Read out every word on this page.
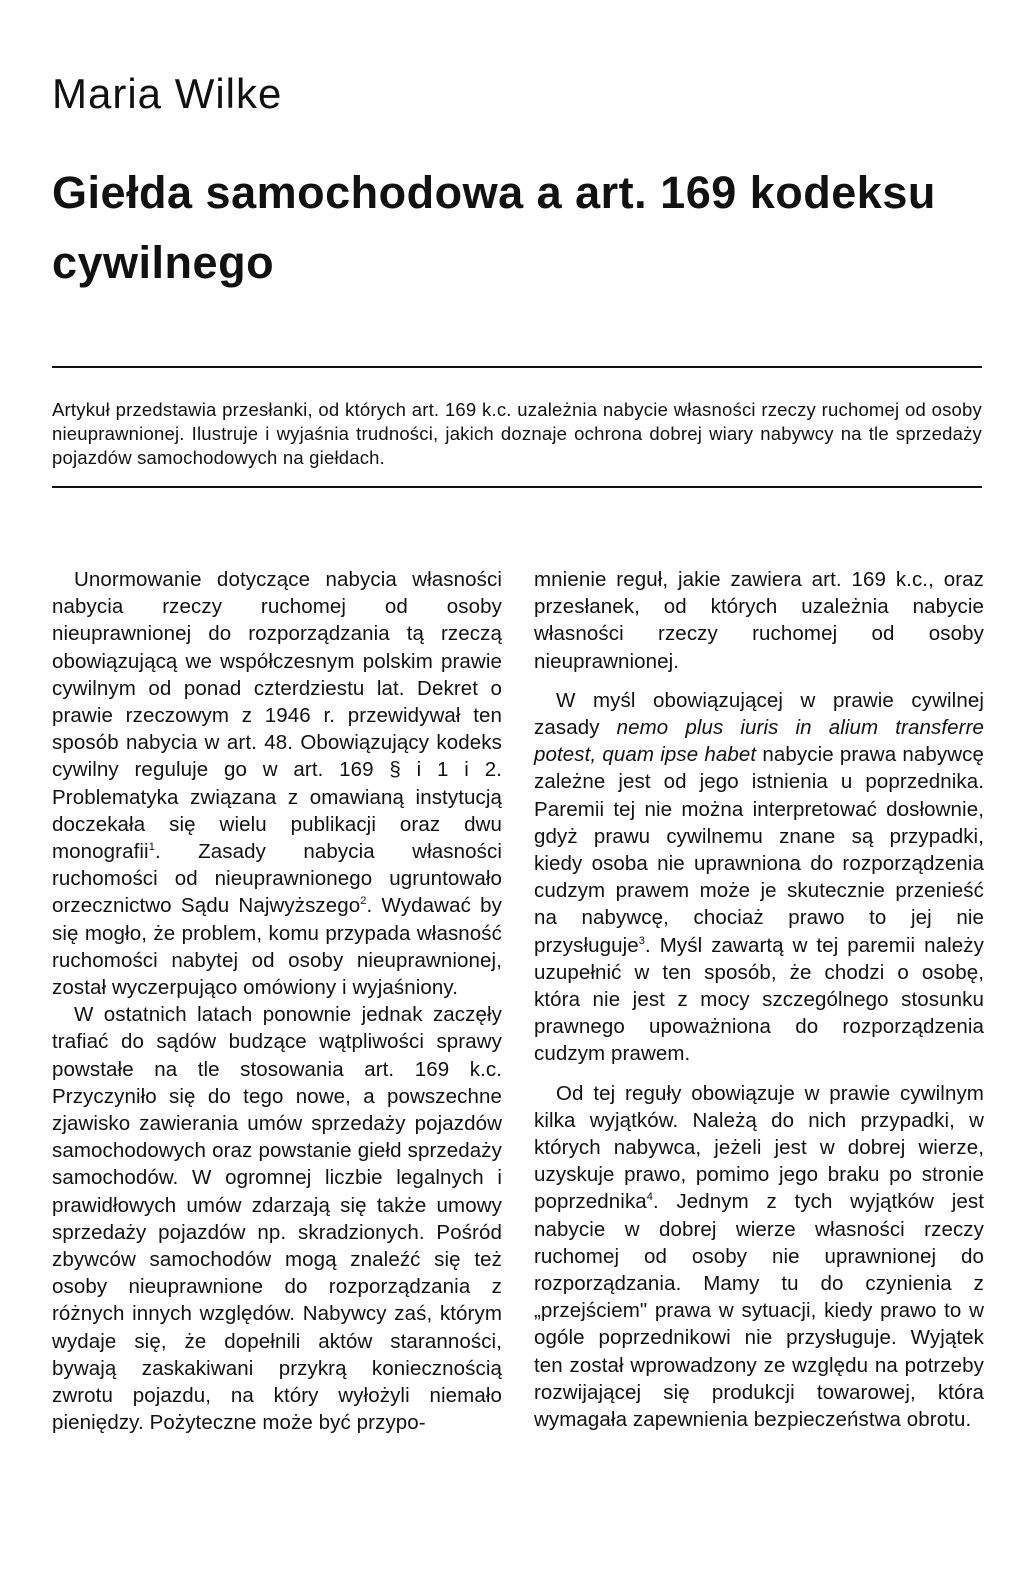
Maria Wilke
Giełda samochodowa a art. 169 kodeksu cywilnego

Artykuł przedstawia przesłanki, od których art. 169 k.c. uzależnia nabycie własności rzeczy ruchomej od osoby nieuprawnionej. Ilustruje i wyjaśnia trudności, jakich doznaje ochrona dobrej wiary nabywcy na tle sprzedaży pojazdów samochodowych na giełdach.

Unormowanie dotyczące nabycia własności nabycia rzeczy ruchomej od osoby nieuprawnionej do rozporządzania tą rzeczą obowiązującą we współczesnym polskim prawie cywilnym od ponad czterdziestu lat. Dekret o prawie rzeczowym z 1946 r. przewidywał ten sposób nabycia w art. 48. Obowiązujący kodeks cywilny reguluje go w art. 169 § i 1 i 2. Problematyka związana z omawianą instytucją doczekała się wielu publikacji oraz dwu monografii$^1$. Zasady nabycia własności ruchomości od nieuprawnionego ugruntowało orzecznictwo Sądu Najwyższego$^2$. Wydawać by się mogło, że problem, komu przypada własność ruchomości nabytej od osoby nieuprawnionej, został wyczerpująco omówiony i wyjaśniony.

W ostatnich latach ponownie jednak zaczęły trafiać do sądów budzące wątpliwości sprawy powstałe na tle stosowania art. 169 k.c. Przyczyniło się do tego nowe, a powszechne zjawisko zawierania umów sprzedaży pojazdów samochodowych oraz powstanie giełd sprzedaży samochodów. W ogromnej liczbie legalnych i prawidłowych umów zdarzają się także umowy sprzedaży pojazdów np. skradzionych. Pośród zbywców samochodów mogą znaleźć się też osoby nieuprawnione do rozporządzania z różnych innych względów. Nabywcy zaś, którym wydaje się, że dopełnili aktów staranności, bywają zaskakiwani przykrą koniecznością zwrotu pojazdu, na który wyłożyli niemało pieniędzy. Pożyteczne może być przypo-

mnienie reguł, jakie zawiera art. 169 k.c., oraz przesłanek, od których uzależnia nabycie własności rzeczy ruchomej od osoby nieuprawnionej.

W myśl obowiązującej w prawie cywilnej zasady nemo plus iuris in alium transferre potest, quam ipse habet nabycie prawa nabywcę zależne jest od jego istnienia u poprzednika. Paremii tej nie można interpretować dosłownie, gdyż prawu cywilnemu znane są przypadki, kiedy osoba nie uprawniona do rozporządzenia cudzym prawem może je skutecznie przenieść na nabywcę, chociaż prawo to jej nie przysługuje$^3$. Myśl zawartą w tej paremii należy uzupełnić w ten sposób, że chodzi o osobę, która nie jest z mocy szczególnego stosunku prawnego upoważniona do rozporządzenia cudzym prawem.

Od tej reguły obowiązuje w prawie cywilnym kilka wyjątków. Należą do nich przypadki, w których nabywca, jeżeli jest w dobrej wierze, uzyskuje prawo, pomimo jego braku po stronie poprzednika$^4$. Jednym z tych wyjątków jest nabycie w dobrej wierze własności rzeczy ruchomej od osoby nie uprawnionej do rozporządzania. Mamy tu do czynienia z „przejściem" prawa w sytuacji, kiedy prawo to w ogóle poprzednikowi nie przysługuje. Wyjątek ten został wprowadzony ze względu na potrzeby rozwijającej się produkcji towarowej, która wymagała zapewnienia bezpieczeństwa obrotu.
